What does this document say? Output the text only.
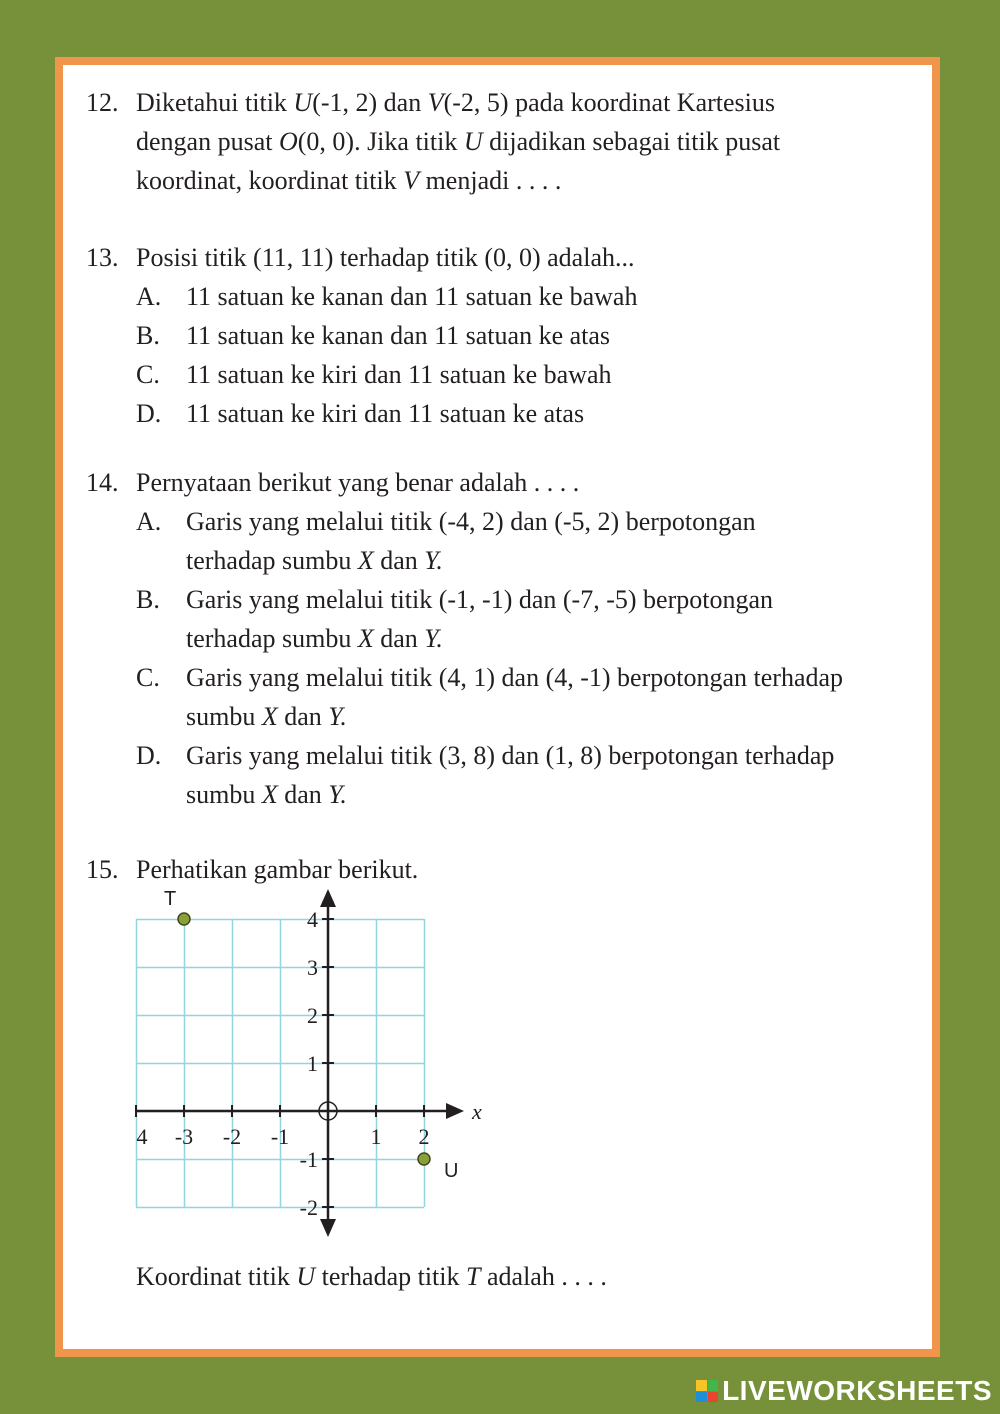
12. Diketahui titik U(-1, 2) dan V(-2, 5) pada koordinat Kartesius
dengan pusat O(0, 0). Jika titik U dijadikan sebagai titik pusat
koordinat, koordinat titik V menjadi . . . .
13. Posisi titik (11, 11) terhadap titik (0, 0) adalah...
A. 11 satuan ke kanan dan 11 satuan ke bawah
B. 11 satuan ke kanan dan 11 satuan ke atas
C. 11 satuan ke kiri dan 11 satuan ke bawah
D. 11 satuan ke kiri dan 11 satuan ke atas
14. Pernyataan berikut yang benar adalah . . . .
A. Garis yang melalui titik (-4, 2) dan (-5, 2) berpotongan
terhadap sumbu X dan Y.
B. Garis yang melalui titik (-1, -1) dan (-7, -5) berpotongan
terhadap sumbu X dan Y.
C. Garis yang melalui titik (4, 1) dan (4, -1) berpotongan terhadap
sumbu X dan Y.
D. Garis yang melalui titik (3, 8) dan (1, 8) berpotongan terhadap
sumbu X dan Y.
15. Perhatikan gambar berikut.
x
4 -3 -2 -1	1 2
4
3
2
1
-1
-2
T
U
Koordinat titik U terhadap titik T adalah . . . .
LIVEWORKSHEETS
